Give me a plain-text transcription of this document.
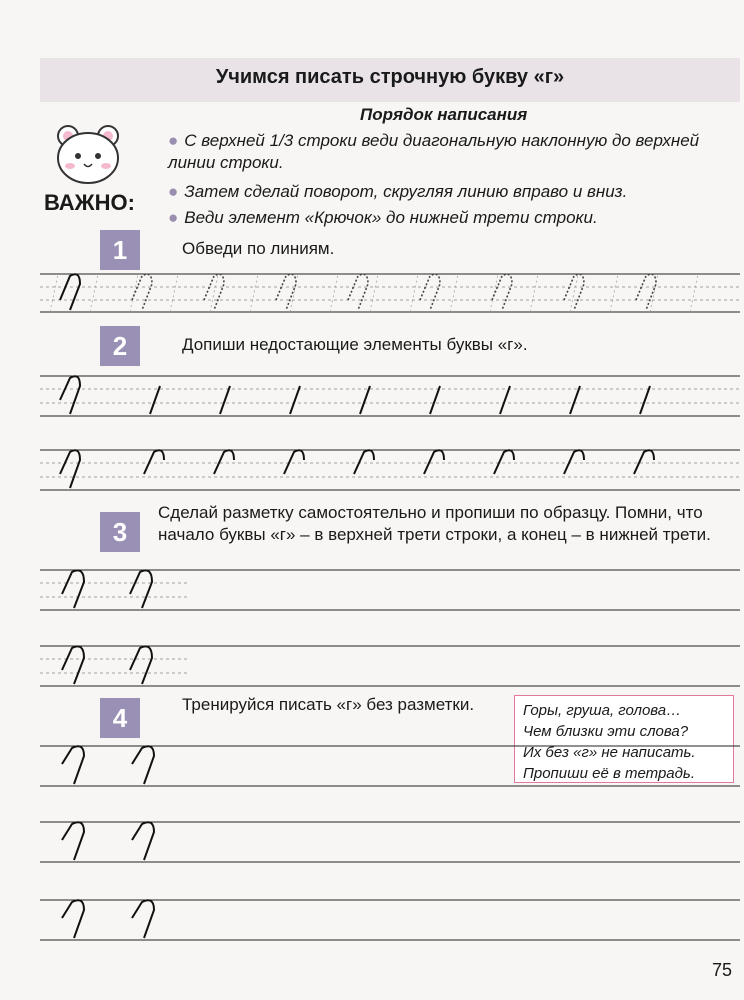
Учимся писать строчную букву «г»
Порядок написания
ВАЖНО:
● С верхней 1/3 строки веди диагональную наклонную до верхней линии строки.
● Затем сделай поворот, скругляя линию вправо и вниз.
● Веди элемент «Крючок» до нижней трети строки.
1	Обведи по линиям.
2	Допиши недостающие элементы буквы «г».
3
Сделай разметку самостоятельно и пропиши по образцу. Помни, что начало буквы «г» – в верхней трети строки, а конец – в нижней трети.
4	Тренируйся писать «г» без разметки.	Горы, груша, голова…
Чем близки эти слова?
Их без «г» не написать.
Пропиши её в тетрадь.
75
